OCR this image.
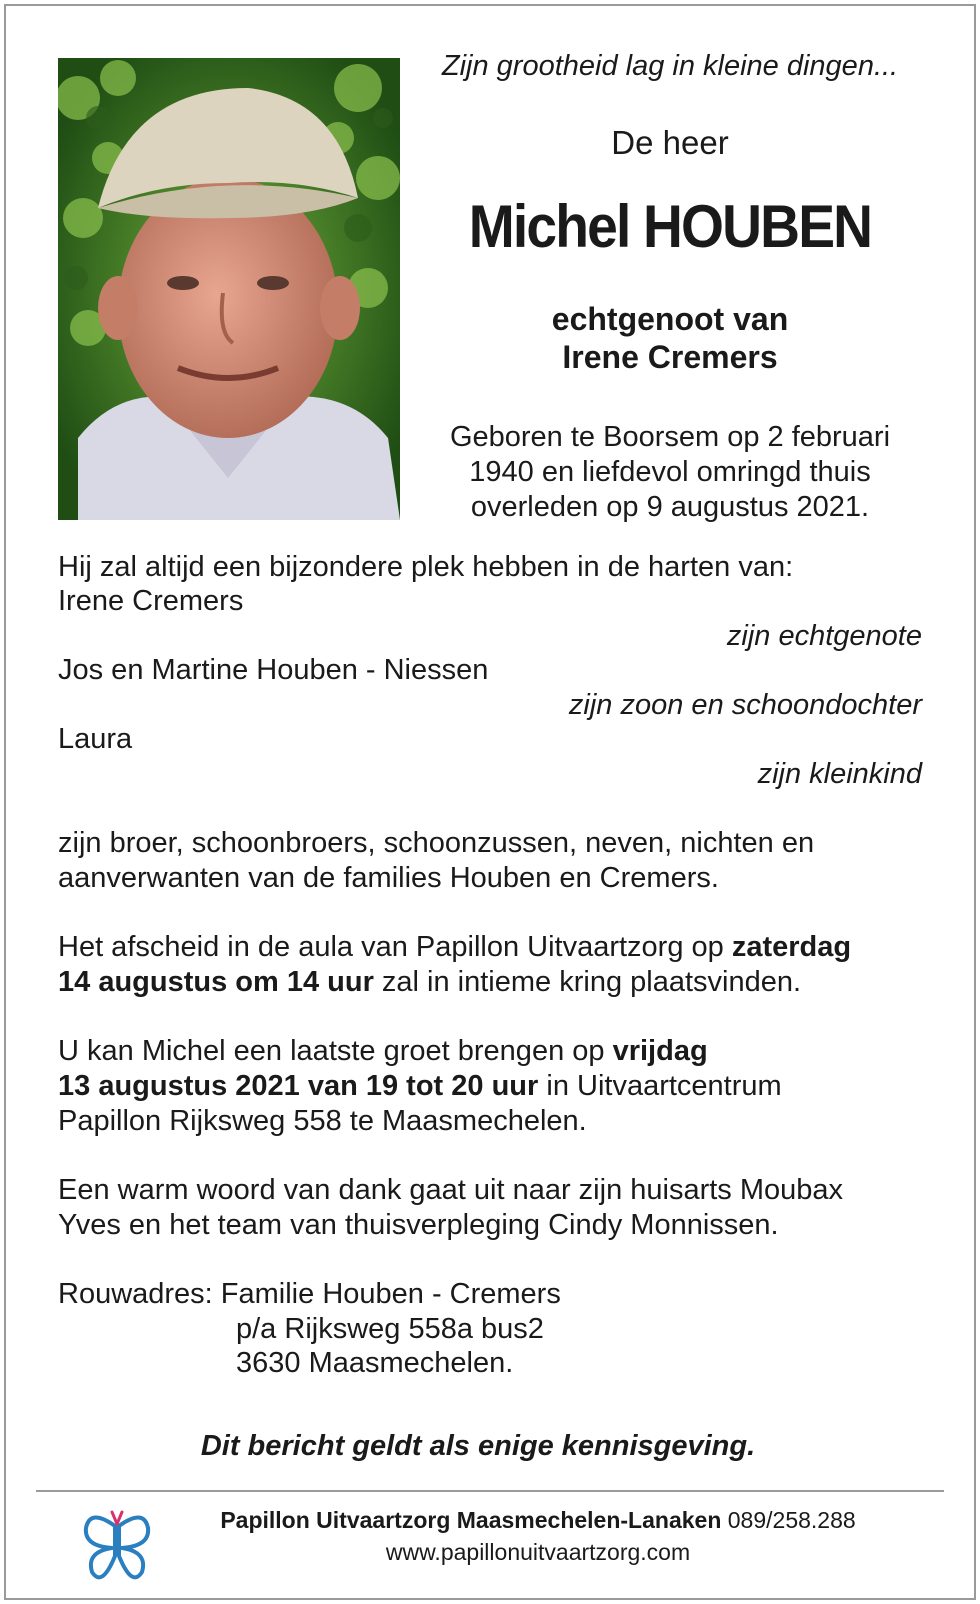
Zijn grootheid lag in kleine dingen...
De heer
Michel HOUBEN
echtgenoot van
Irene Cremers
Geboren te Boorsem op 2 februari
1940 en liefdevol omringd thuis
overleden op 9 augustus 2021.
Hij zal altijd een bijzondere plek hebben in de harten van:
Irene Cremers
zijn echtgenote
Jos en Martine Houben - Niessen
zijn zoon en schoondochter
Laura
zijn kleinkind
zijn broer, schoonbroers, schoonzussen, neven, nichten en
aanverwanten van de families Houben en Cremers.
Het afscheid in de aula van Papillon Uitvaartzorg op zaterdag
14 augustus om 14 uur zal in intieme kring plaatsvinden.
U kan Michel een laatste groet brengen op vrijdag
13 augustus 2021 van 19 tot 20 uur in Uitvaartcentrum
Papillon Rijksweg 558 te Maasmechelen.
Een warm woord van dank gaat uit naar zijn huisarts Moubax
Yves en het team van thuisverpleging Cindy Monnissen.
Rouwadres: Familie Houben - Cremers
p/a Rijksweg 558a bus2
3630 Maasmechelen.
Dit bericht geldt als enige kennisgeving.
Papillon Uitvaartzorg Maasmechelen-Lanaken 089/258.288
www.papillonuitvaartzorg.com
